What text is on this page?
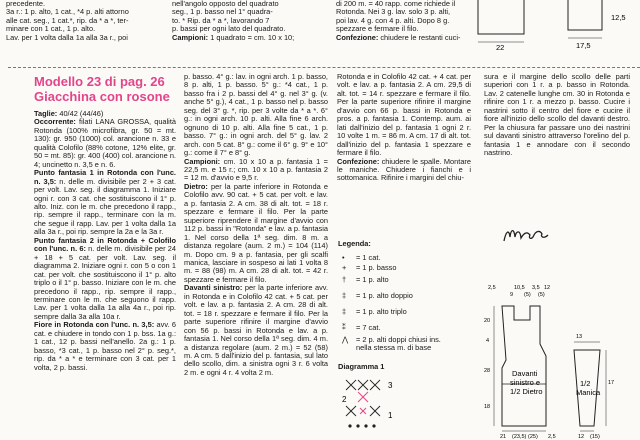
precedente.

3a r.: 1 p. alto, 1 cat., *4 p. alti attorno

alle cat. seg., 1 cat.*, rip. da * a *, ter-

minare con 1 cat., 1 p. alto.

Lav. per 1 volta dalla 1a alla 3a r., poi

nell'angolo opposto del quadrato

seg., 1 p. basso nel 1° quadra-

to. * Rip. da * a *, lavorando 7

p. bassi per ogni lato del quadrato.

Campioni: 1 quadrato = cm. 10 x 10;

di 200 m. = 40 rapp. come richiede il

Rotonda. Nei 3 g. lav. solo 3 p. alti,

poi lav. 4 g. con 4 p. alti. Dopo 8 g.

spezzare e fermare il filo.

Confezione: chiudere le restanti cuci-

12,5
22	17,5
Modello 23 di pag. 26
Giacchina con rosone

Taglie: 40/42 (44/46)

Occorrente: filati LANA GROSSA, qualità Rotonda (100% microfibra, gr. 50 = mt. 130): gr. 950 (1000) col. arancione n. 33 e qualità Colofilo (88% cotone, 12% elite, gr. 50 = mt. 85): gr. 400 (400) col. arancione n. 4; uncinetto n. 3,5 e n. 6.

Punto fantasia 1 in Rotonda con l'unc. n. 3,5: n. delle m. divisibile per 2 + 3 cat. per volt. Lav. seg. il diagramma 1. Iniziare ogni r. con 3 cat. che sostituiscono il 1° p. alto. Iniz. con le m. che precedono il rapp., rip. sempre il rapp., terminare con la m. che segue il rapp. Lav. per 1 volta dalla 1a alla 3a r., poi rip. sempre la 2a e la 3a r.

Punto fantasia 2 in Rotonda + Colofilo con l'unc. n. 6: n. delle m. divisibile per 24 + 18 + 5 cat. per volt. Lav. seg. il diagramma 2. Iniziare ogni r. con 5 o con 1 cat. per volt. che sostituiscono il 1° p. alto triplo o il 1° p. basso. Iniziare con le m. che precedono il rapp., rip. sempre il rapp., terminare con le m. che seguono il rapp. Lav. per 1 volta dalla 1a alla 4a r., poi rip. sempre dalla 3a alla 10a r.

Fiore in Rotonda con l'unc. n. 3,5: avv. 6 cat. e chiudere in tondo con 1 p. bss. 1a g.: 1 cat., 12 p. bassi nell'anello. 2a g.: 1 p. basso, *3 cat., 1 p. basso nel 2° p. seg.*, rip. da * a * e terminare con 3 cat. per 1 volta, 2 p. bassi.

p. basso. 4° g.: lav. in ogni arch. 1 p. basso, 8 p. alti, 1 p. basso. 5° g.: *4 cat., 1 p. basso fra i 2 p. bassi del 4° g. nel 3° g. (v. anche 5° g.), 4 cat., 1 p. basso nel p. basso seg. del 3° g. *, rip. per 3 volte da * a *. 6° g.: in ogni arch. 10 p. alti. Alla fine 6 arch. ognuno di 10 p. alti. Alla fine 5 cat., 1 p. basso. 7° g.: in ogni arch. del 5° g. lav. 2 arch. con 5 cat. 8° g.: come il 6° g. 9° e 10° g.: come il 7° e 8° g.

Campioni: cm. 10 x 10 a p. fantasia 1 = 22,5 m. e 15 r.; cm. 10 x 10 a p. fantasia 2 = 12 m. d'avvio e 9,5 r.

Dietro: per la parte inferiore in Rotonda e Colofilo avv. 90 cat. + 5 cat. per volt. e lav. a p. fantasia 2. A cm. 38 di alt. tot. = 18 r. spezzare e fermare il filo. Per la parte superiore riprendere il margine d'avvio con 112 p. bassi in "Rotonda" e lav. a p. fantasia 1. Nel corso della 1ª seg. dim. 8 m. a distanza regolare (aum. 2 m.) = 104 (114) m. Dopo cm. 9 a p. fantasia, per gli scalfi manica, lasciare in sospeso ai lati 1 volta 8 m. = 88 (98) m. A cm. 28 di alt. tot. = 42 r. spezzare e fermare il filo.

Davanti sinistro: per la parte inferiore avv. in Rotonda e in Colofilo 42 cat. + 5 cat. per volt. e lav. a p. fantasia 2. A cm. 28 di alt. tot. = 18 r. spezzare e fermare il filo. Per la parte superiore rifinire il margine d'avvio con 56 p. bassi in Rotonda e lav. a p. fantasia 1. Nel corso della 1ª seg. dim. 4 m. a distanza regolare (aum. 2 m.) = 52 (58) m. A cm. 5 dall'inizio del p. fantasia, sul lato dello scollo, dim. a sinistra ogni 3 r. 6 volta 2 m. e ogni 4 r. 4 volta 2 m.

Rotonda e in Colofilo 42 cat. + 4 cat. per volt. e lav. a p. fantasia 2. A cm. 29,5 di alt. tot. = 14 r. spezzare e fermare il filo. Per la parte superiore rifinire il margine d'avvio con 66 p. bassi in Rotonda e pros. a p. fantasia 1. Contemp. aum. ai lati dall'inizio del p. fantasia 1 ogni 2 r. 10 volte 1 m. = 86 m. A cm. 17 di alt. tot. dall'inizio del p. fantasia 1 spezzare e fermare il filo.

Confezione: chiudere le spalle. Montare le maniche. Chiudere i fianchi e i sottomanica. Rifinire i margini del chiu-

sura e il margine dello scollo delle parti superiori con 1 r. a p. basso in Rotonda. Lav. 2 catenelle lunghe cm. 30 in Rotonda e rifinire con 1 r. a mezzo p. basso. Cucire i nastrini sotto il centro del fiore e cucire il fiore all'inizio dello scollo del davanti destro. Per la chiusura far passare uno dei nastrini sul davanti sinistro attraverso l'orelino del p. fantasia 1 e annodare con il secondo nastrino.

Legenda:
• = 1 cat.
+ = 1 p. basso
† = 1 p. alto
‡ = 1 p. alto doppio
‡ = 1 p. alto triplo
⁑ = 7 cat.
⋀ = 2 p. alti doppi chiusi ins.
nella stessa m. di base
Diagramma 1
3
2
1
2,5	10,5 3,5 12
9 (5) (5)
20
4
28
18
Davanti
sinistro e
1/2 Dietro
21 (23,5) (25) 2,5
13
17
1/2
Manica
12 (15)
